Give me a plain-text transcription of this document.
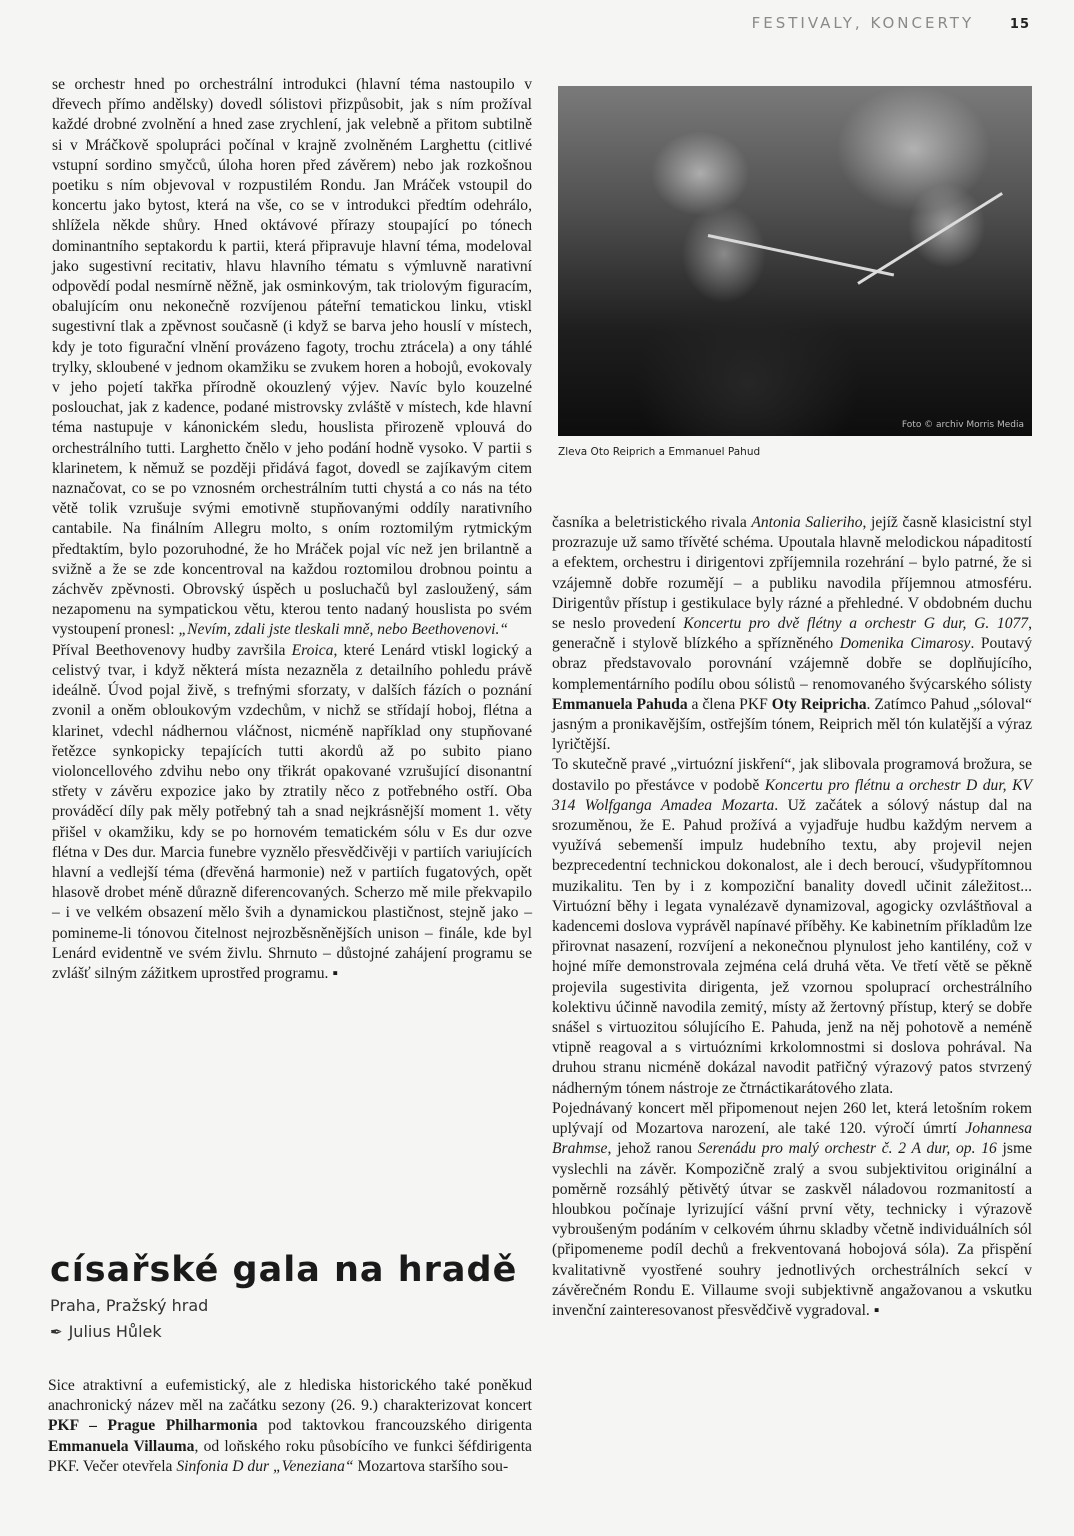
FESTIVALY, KONCERTY	15

se orchestr hned po orchestrální introdukci (hlavní téma nastoupilo v dřevech přímo andělsky) dovedl sólistovi přizpůsobit, jak s ním prožíval každé drobné zvolnění a hned zase zrychlení, jak velebně a přitom subtilně si v Mráčkově spolupráci počínal v krajně zvolněném Larghettu (citlivé vstupní sordino smyčců, úloha horen před závěrem) nebo jak rozkošnou poetiku s ním objevoval v rozpustilém Rondu. Jan Mráček vstoupil do koncertu jako bytost, která na vše, co se v introdukci předtím odehrálo, shlížela někde shůry. Hned oktávové přírazy stoupající po tónech dominantního septakordu k partii, která připravuje hlavní téma, modeloval jako sugestivní recitativ, hlavu hlavního tématu s výmluvně narativní odpovědí podal nesmírně něžně, jak osminkovým, tak triolovým figuracím, obalujícím onu nekonečně rozvíjenou páteřní tematickou linku, vtiskl sugestivní tlak a zpěvnost současně (i když se barva jeho houslí v místech, kdy je toto figurační vlnění provázeno fagoty, trochu ztrácela) a ony táhlé trylky, skloubené v jednom okamžiku se zvukem horen a hobojů, evokovaly v jeho pojetí takřka přírodně okouzlený výjev. Navíc bylo kouzelné poslouchat, jak z kadence, podané mistrovsky zvláště v místech, kde hlavní téma nastupuje v kánonickém sledu, houslista přirozeně vplouvá do orchestrálního tutti. Larghetto čnělo v jeho podání hodně vysoko. V partii s klarinetem, k němuž se později přidává fagot, dovedl se zajíkavým citem naznačovat, co se po vznosném orchestrálním tutti chystá a co nás na této větě tolik vzrušuje svými emotivně stupňovanými oddíly narativního cantabile. Na finálním Allegru molto, s oním roztomilým rytmickým předtaktím, bylo pozoruhodné, že ho Mráček pojal víc než jen brilantně a svižně a že se zde koncentroval na každou roztomilou drobnou pointu a záchvěv zpěvnosti. Obrovský úspěch u posluchačů byl zasloužený, sám nezapomenu na sympatickou větu, kterou tento nadaný houslista po svém vystoupení pronesl: „Nevím, zdali jste tleskali mně, nebo Beethovenovi.“

Příval Beethovenovy hudby završila Eroica, které Lenárd vtiskl logický a celistvý tvar, i když některá místa nezazněla z detailního pohledu právě ideálně. Úvod pojal živě, s trefnými sforzaty, v dalších fázích o poznání zvonil a oněm obloukovým vzdechům, v nichž se střídají hoboj, flétna a klarinet, vdechl nádhernou vláčnost, nicméně například ony stupňované řetězce synkopicky tepajících tutti akordů až po subito piano violoncellového zdvihu nebo ony třikrát opakované vzrušující disonantní střety v závěru expozice jako by ztratily něco z potřebného ostří. Oba prováděcí díly pak měly potřebný tah a snad nejkrásnější moment 1. věty přišel v okamžiku, kdy se po hornovém tematickém sólu v Es dur ozve flétna v Des dur. Marcia funebre vyznělo přesvědčivěji v partiích variujících hlavní a vedlejší téma (dřevěná harmonie) než v partiích fugatových, opět hlasově drobet méně důrazně diferencovaných. Scherzo mě mile překvapilo – i ve velkém obsazení mělo švih a dynamickou plastičnost, stejně jako – pomineme-li tónovou čitelnost nejrozběsněnějších unison – finále, kde byl Lenárd evidentně ve svém živlu. Shrnuto – důstojné zahájení programu se zvlášť silným zážitkem uprostřed programu. ▪

Foto © archiv Morris Media
Zleva Oto Reiprich a Emmanuel Pahud
císařské gala na hradě
Praha, Pražský hrad
✒ Julius Hůlek

Sice atraktivní a eufemistický, ale z hlediska historického také poněkud anachronický název měl na začátku sezony (26. 9.) charakterizovat koncert PKF – Prague Philharmonia pod taktovkou francouzského dirigenta Emmanuela Villauma, od loňského roku působícího ve funkci šéfdirigenta PKF. Večer otevřela Sinfonia D dur „Veneziana“ Mozartova staršího sou-

časníka a beletristického rivala Antonia Salieriho, jejíž časně klasicistní styl prozrazuje už samo třívěté schéma. Upoutala hlavně melodickou nápaditostí a efektem, orchestru i dirigentovi zpříjemnila rozehrání – bylo patrné, že si vzájemně dobře rozumějí – a publiku navodila příjemnou atmosféru. Dirigentův přístup i gestikulace byly rázné a přehledné. V obdobném duchu se neslo provedení Koncertu pro dvě flétny a orchestr G dur, G. 1077, generačně i stylově blízkého a spřízněného Domenika Cimarosy. Poutavý obraz představovalo porovnání vzájemně dobře se doplňujícího, komplementárního podílu obou sólistů – renomovaného švýcarského sólisty Emmanuela Pahuda a člena PKF Oty Reipricha. Zatímco Pahud „sóloval“ jasným a pronikavějším, ostřejším tónem, Reiprich měl tón kulatější a výraz lyričtější.

To skutečně pravé „virtuózní jiskření“, jak slibovala programová brožura, se dostavilo po přestávce v podobě Koncertu pro flétnu a orchestr D dur, KV 314 Wolfganga Amadea Mozarta. Už začátek a sólový nástup dal na srozuměnou, že E. Pahud prožívá a vyjadřuje hudbu každým nervem a využívá sebemenší impulz hudebního textu, aby projevil nejen bezprecedentní technickou dokonalost, ale i dech beroucí, všudypřítomnou muzikalitu. Ten by i z kompoziční banality dovedl učinit záležitost... Virtuózní běhy i legata vynalézavě dynamizoval, agogicky ozvláštňoval a kadencemi doslova vyprávěl napínavé příběhy. Ke kabinetním příkladům lze přirovnat nasazení, rozvíjení a nekonečnou plynulost jeho kantilény, což v hojné míře demonstrovala zejména celá druhá věta. Ve třetí větě se pěkně projevila sugestivita dirigenta, jež vzornou spoluprací orchestrálního kolektivu účinně navodila zemitý, místy až žertovný přístup, který se dobře snášel s virtuozitou sólujícího E. Pahuda, jenž na něj pohotově a neméně vtipně reagoval a s virtuózními krkolomnostmi si doslova pohrával. Na druhou stranu nicméně dokázal navodit patřičný výrazový patos stvrzený nádherným tónem nástroje ze čtrnáctikarátového zlata.

Pojednávaný koncert měl připomenout nejen 260 let, která letošním rokem uplývají od Mozartova narození, ale také 120. výročí úmrtí Johannesa Brahmse, jehož ranou Serenádu pro malý orchestr č. 2 A dur, op. 16 jsme vyslechli na závěr. Kompozičně zralý a svou subjektivitou originální a poměrně rozsáhlý pětivětý útvar se zaskvěl náladovou rozmanitostí a hloubkou počínaje lyrizující vášní první věty, technicky i výrazově vybroušeným podáním v celkovém úhrnu skladby včetně individuálních sól (připomeneme podíl dechů a frekventovaná hobojová sóla). Za přispění kvalitativně vyostřené souhry jednotlivých orchestrálních sekcí v závěrečném Rondu E. Villaume svoji subjektivně angažovanou a vskutku invenční zainteresovanost přesvědčivě vygradoval. ▪
